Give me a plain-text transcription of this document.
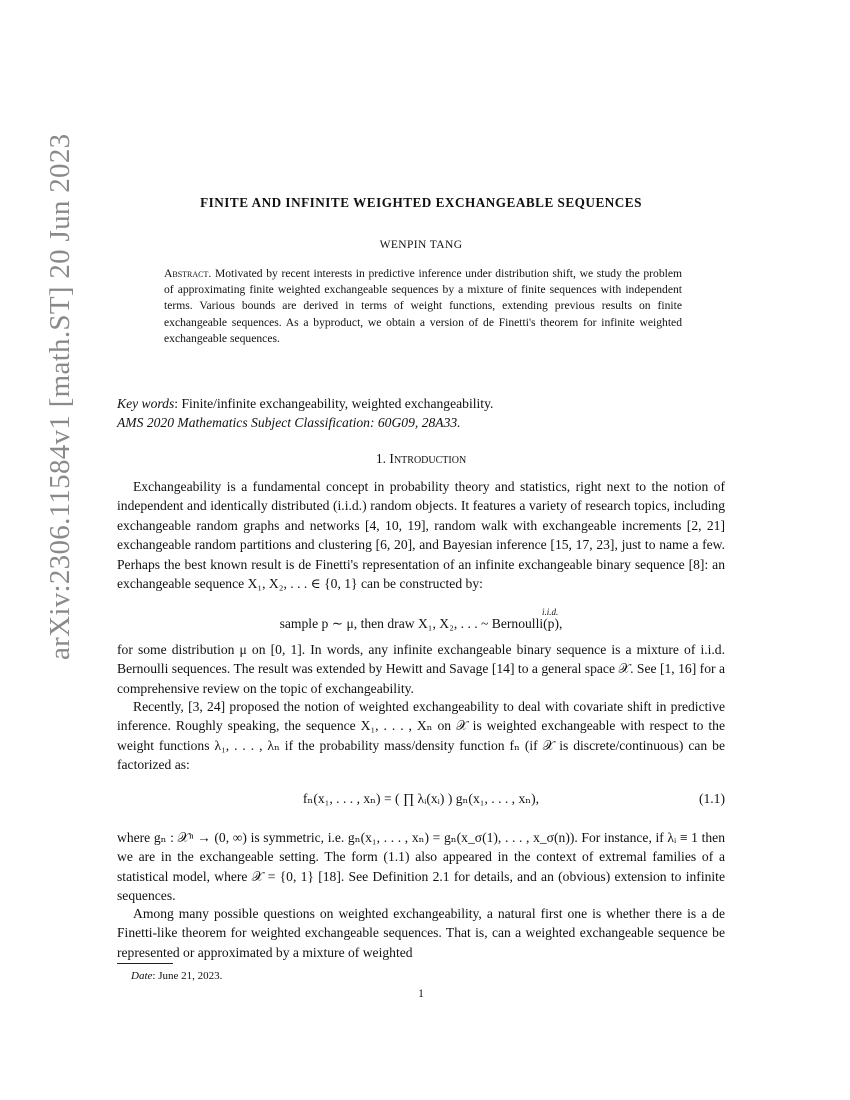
arXiv:2306.11584v1 [math.ST] 20 Jun 2023	FINITE AND INFINITE WEIGHTED EXCHANGEABLE SEQUENCES
WENPIN TANG
Abstract. Motivated by recent interests in predictive inference under distribution shift, we study the problem of approximating finite weighted exchangeable sequences by a mixture of finite sequences with independent terms. Various bounds are derived in terms of weight functions, extending previous results on finite exchangeable sequences. As a byproduct, we obtain a version of de Finetti's theorem for infinite weighted exchangeable sequences.
Key words: Finite/infinite exchangeability, weighted exchangeability.
AMS 2020 Mathematics Subject Classification: 60G09, 28A33.
1. Introduction
Exchangeability is a fundamental concept in probability theory and statistics, right next to the notion of independent and identically distributed (i.i.d.) random objects. It features a variety of research topics, including exchangeable random graphs and networks [4, 10, 19], random walk with exchangeable increments [2, 21] exchangeable random partitions and clustering [6, 20], and Bayesian inference [15, 17, 23], just to name a few. Perhaps the best known result is de Finetti's representation of an infinite exchangeable binary sequence [8]: an exchangeable sequence X₁, X₂, . . . ∈ {0, 1} can be constructed by:
sample p ∼ μ, then draw X₁, X₂, . . . ~ Bernoulli(p),
i.i.d.
for some distribution μ on [0, 1]. In words, any infinite exchangeable binary sequence is a mixture of i.i.d. Bernoulli sequences. The result was extended by Hewitt and Savage [14] to a general space 𝒳. See [1, 16] for a comprehensive review on the topic of exchangeability.
Recently, [3, 24] proposed the notion of weighted exchangeability to deal with covariate shift in predictive inference. Roughly speaking, the sequence X₁, . . . , Xₙ on 𝒳 is weighted exchangeable with respect to the weight functions λ₁, . . . , λₙ if the probability mass/density function fₙ (if 𝒳 is discrete/continuous) can be factorized as:
fₙ(x₁, . . . , xₙ) = ( ∏ λᵢ(xᵢ) ) gₙ(x₁, . . . , xₙ),	(1.1)
where gₙ : 𝒳ⁿ → (0, ∞) is symmetric, i.e. gₙ(x₁, . . . , xₙ) = gₙ(x_σ(1), . . . , x_σ(n)). For instance, if λᵢ ≡ 1 then we are in the exchangeable setting. The form (1.1) also appeared in the context of extremal families of a statistical model, where 𝒳 = {0, 1} [18]. See Definition 2.1 for details, and an (obvious) extension to infinite sequences.
Among many possible questions on weighted exchangeability, a natural first one is whether there is a de Finetti-like theorem for weighted exchangeable sequences. That is, can a weighted exchangeable sequence be represented or approximated by a mixture of weighted
Date: June 21, 2023.
1
